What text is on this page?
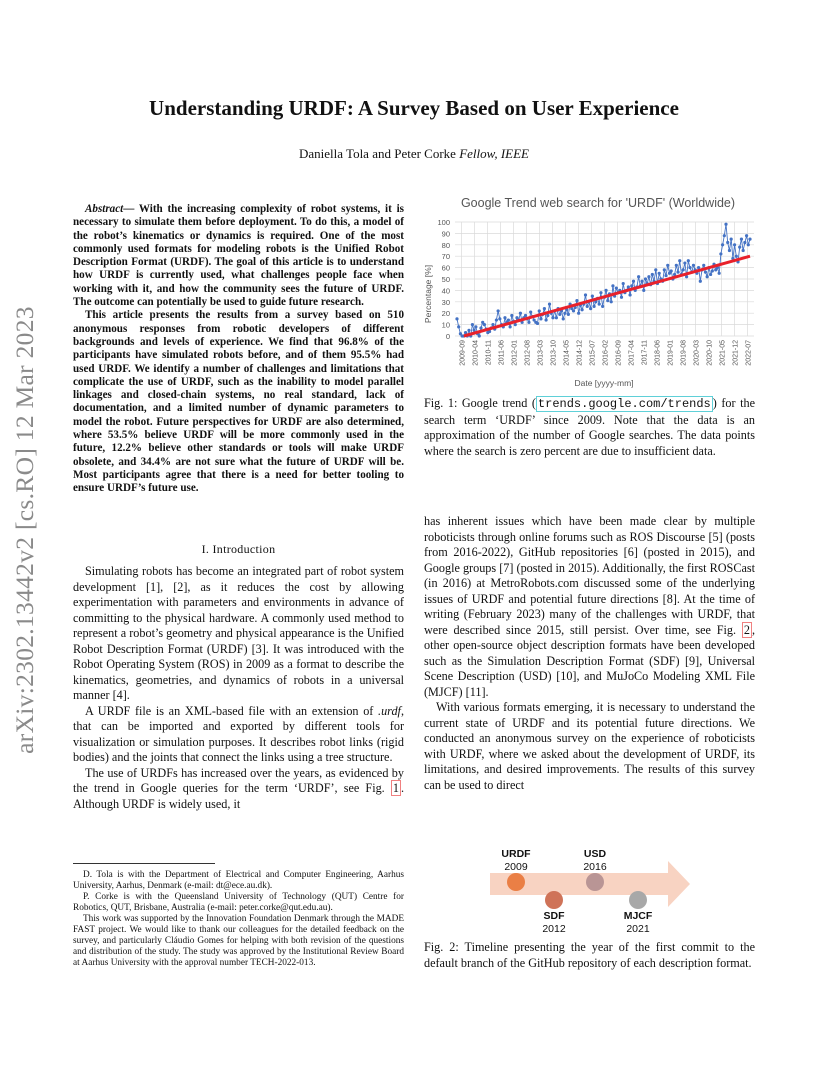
arXiv:2302.13442v2 [cs.RO] 12 Mar 2023
Understanding URDF: A Survey Based on User Experience
Daniella Tola and Peter Corke Fellow, IEEE

Abstract— With the increasing complexity of robot systems, it is necessary to simulate them before deployment. To do this, a model of the robot’s kinematics or dynamics is required. One of the most commonly used formats for modeling robots is the Unified Robot Description Format (URDF). The goal of this article is to understand how URDF is currently used, what challenges people face when working with it, and how the community sees the future of URDF. The outcome can potentially be used to guide future research.

This article presents the results from a survey based on 510 anonymous responses from robotic developers of different backgrounds and levels of experience. We find that 96.8% of the participants have simulated robots before, and of them 95.5% had used URDF. We identify a number of challenges and limitations that complicate the use of URDF, such as the inability to model parallel linkages and closed-chain systems, no real standard, lack of documentation, and a limited number of dynamic parameters to model the robot. Future perspectives for URDF are also determined, where 53.5% believe URDF will be more commonly used in the future, 12.2% believe other standards or tools will make URDF obsolete, and 34.4% are not sure what the future of URDF will be. Most participants agree that there is a need for better tooling to ensure URDF’s future use.

I. Introduction

Simulating robots has become an integrated part of robot system development [1], [2], as it reduces the cost by allowing experimentation with parameters and environments in advance of committing to the physical hardware. A commonly used method to represent a robot’s geometry and physical appearance is the Unified Robot Description Format (URDF) [3]. It was introduced with the Robot Operating System (ROS) in 2009 as a format to describe the kinematics, geometries, and dynamics of robots in a universal manner [4].

A URDF file is an XML-based file with an extension of .urdf, that can be imported and exported by different tools for visualization or simulation purposes. It describes robot links (rigid bodies) and the joints that connect the links using a tree structure.

The use of URDFs has increased over the years, as evidenced by the trend in Google queries for the term ‘URDF’, see Fig. 1 . Although URDF is widely used, it

D. Tola is with the Department of Electrical and Computer Engineering, Aarhus University, Aarhus, Denmark (e-mail: dt@ece.au.dk).

P. Corke is with the Queensland University of Technology (QUT) Centre for Robotics, QUT, Brisbane, Australia (e-mail: peter.corke@qut.edu.au).

This work was supported by the Innovation Foundation Denmark through the MADE FAST project. We would like to thank our colleagues for the detailed feedback on the survey, and particularly Cláudio Gomes for helping with both revision of the questions and distribution of the study. The study was approved by the Institutional Review Board at Aarhus University with the approval number TECH-2022-013.

Google Trend web search for 'URDF' (Worldwide)
Percentage [%]
Date [yyyy-mm]
0
10
20
30
40
50
60
70
80
90
100
2009-09 2010-04 2010-11 2011-06 2012-01 2012-08 2013-03 2013-10 2014-05 2014-12 2015-07 2016-02 2016-09 2017-04 2017-11 2018-06 2019-01 2019-08 2020-03 2020-10 2021-05 2021-12 2022-07
Fig. 1: Google trend ( trends.google.com/trends ) for the search term ‘URDF’ since 2009. Note that the data is an approximation of the number of Google searches. The data points where the search is zero percent are due to insufficient data.

has inherent issues which have been made clear by multiple roboticists through online forums such as ROS Discourse [5] (posts from 2016-2022), GitHub repositories [6] (posted in 2015), and Google groups [7] (posted in 2015). Additionally, the first ROSCast (in 2016) at MetroRobots.com discussed some of the underlying issues of URDF and potential future directions [8]. At the time of writing (February 2023) many of the challenges with URDF, that were described since 2015, still persist. Over time, see Fig. 2 , other open-source object description formats have been developed such as the Simulation Description Format (SDF) [9], Universal Scene Description (USD) [10], and MuJoCo Modeling XML File (MJCF) [11].

With various formats emerging, it is necessary to understand the current state of URDF and its potential future directions. We conducted an anonymous survey on the experience of roboticists with URDF, where we asked about the development of URDF, its limitations, and desired improvements. The results of this survey can be used to direct

URDF
2009
SDF
2012
USD
2016
MJCF
2021
Fig. 2: Timeline presenting the year of the first commit to the default branch of the GitHub repository of each description format.
